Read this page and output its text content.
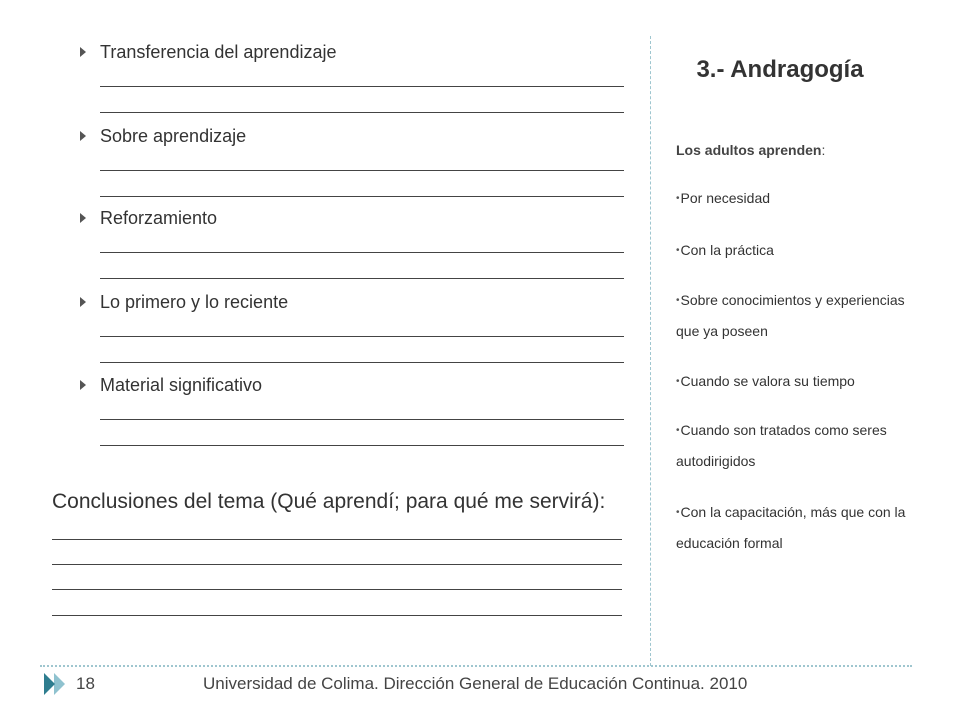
Transferencia del aprendizaje
Sobre aprendizaje
Reforzamiento
Lo primero y lo reciente
Material significativo
Conclusiones del tema (Qué aprendí; para qué me servirá):
3.- Andragogía
Los adultos aprenden:
•Por necesidad
•Con la práctica
•Sobre conocimientos y experiencias que ya poseen
•Cuando se valora su tiempo
•Cuando son tratados como seres autodirigidos
•Con la capacitación, más que con la educación formal
18	Universidad de Colima. Dirección General de Educación Continua. 2010
